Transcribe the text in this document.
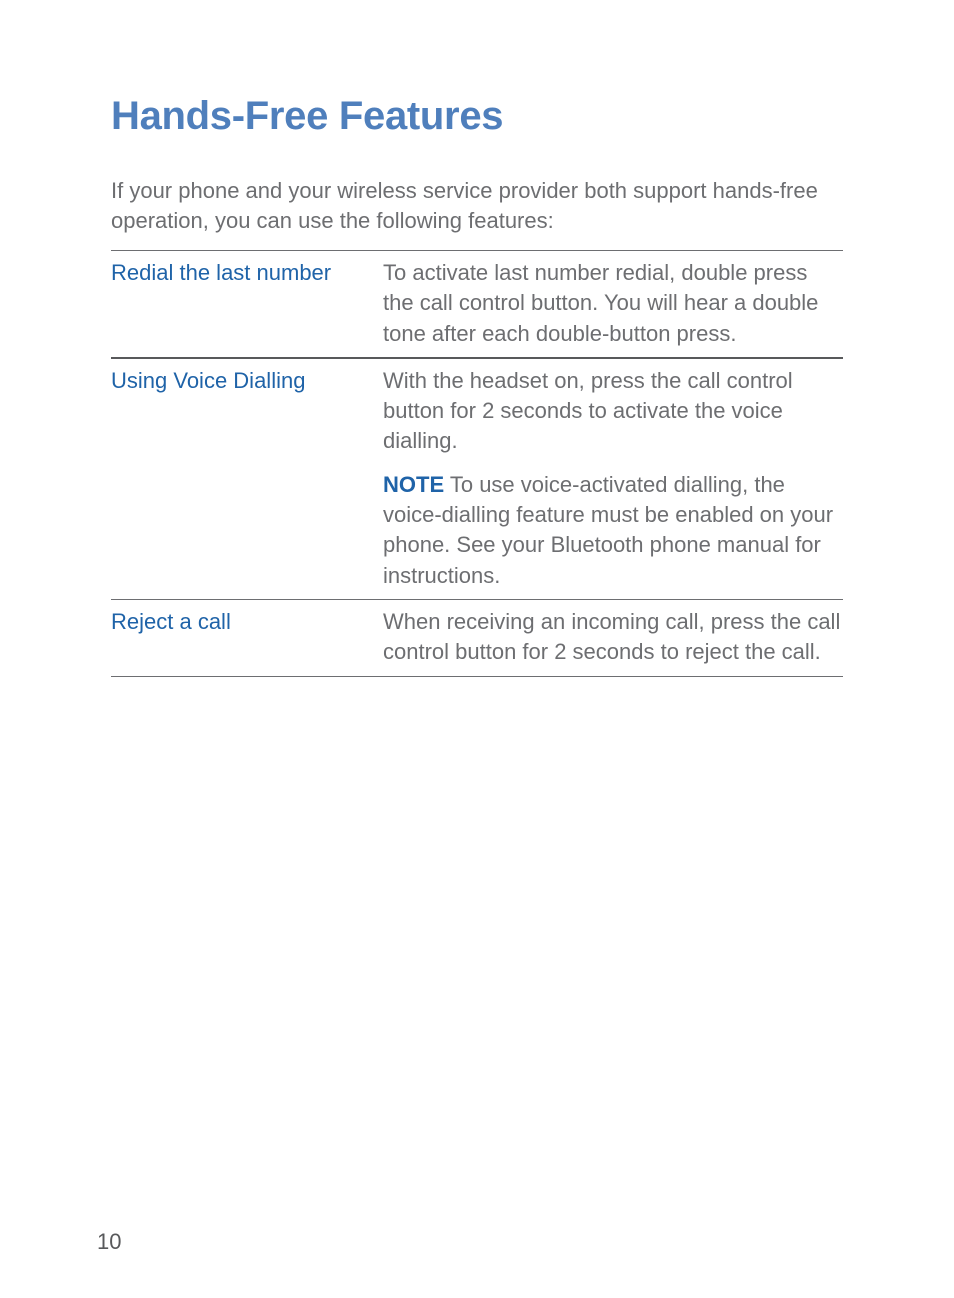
Hands-Free Features

If your phone and your wireless service provider both support hands-free operation, you can use the following features:

Redial the last number	To activate last number redial, double press the call control button. You will hear a double tone after each double-button press.

Using Voice Dialling	With the headset on, press the call control button for 2 seconds to activate the voice dialling.

NOTE To use voice-activated dialling, the voice-dialling feature must be enabled on your phone. See your Bluetooth phone manual for instructions.

Reject a call	When receiving an incoming call, press the call control button for 2 seconds to reject the call.

10
